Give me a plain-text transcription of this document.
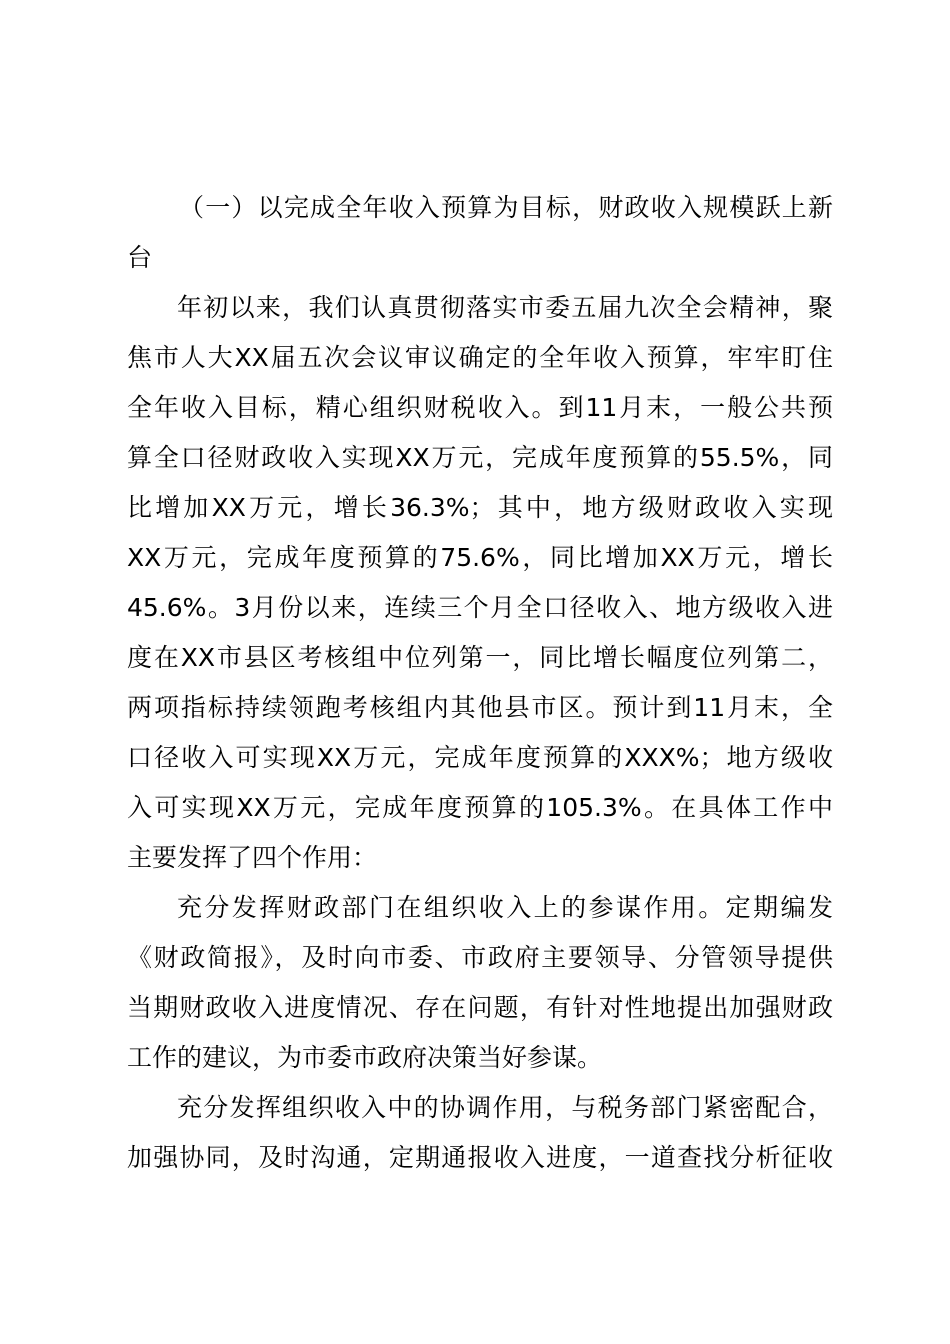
（一）以完成全年收入预算为目标，财政收入规模跃上新
台
年初以来，我们认真贯彻落实市委五届九次全会精神，聚
焦市人大XX届五次会议审议确定的全年收入预算，牢牢盯住
全年收入目标，精心组织财税收入。到11月末，一般公共预
算全口径财政收入实现XX万元，完成年度预算的55.5%，同
比增加XX万元，增长36.3%；其中，地方级财政收入实现
XX万元，完成年度预算的75.6%，同比增加XX万元，增长
45.6%。3月份以来，连续三个月全口径收入、地方级收入进
度在XX市县区考核组中位列第一，同比增长幅度位列第二，
两项指标持续领跑考核组内其他县市区。预计到11月末，全
口径收入可实现XX万元，完成年度预算的XXX%；地方级收
入可实现XX万元，完成年度预算的105.3%。在具体工作中
主要发挥了四个作用：
充分发挥财政部门在组织收入上的参谋作用。定期编发
《财政简报》，及时向市委、市政府主要领导、分管领导提供
当期财政收入进度情况、存在问题，有针对性地提出加强财政
工作的建议，为市委市政府决策当好参谋。
充分发挥组织收入中的协调作用，与税务部门紧密配合，
加强协同，及时沟通，定期通报收入进度，一道查找分析征收
